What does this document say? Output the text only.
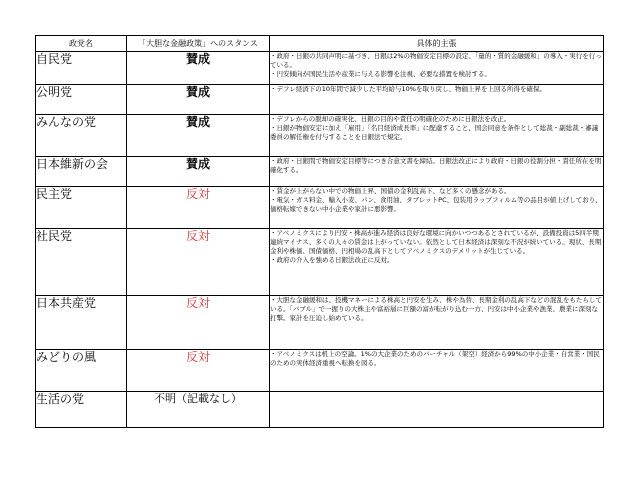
政党名	「大胆な金融政策」へのスタンス	具体的主張
自民党	賛成	・政府・日銀の共同声明に基づき、日銀は2%の物価安定目標の設定、「量的・質的金融緩和」の導入・実行を行っている。

・円安傾向が国民生活や産業に与える影響を注視、必要な措置を検討する。

公明党	賛成	・デフレ経済下の10年間で減少した平均給与10%を取り戻し、物価上昇を上回る所得を確保。

みんなの党	賛成	・デフレからの脱却の確実化、日銀の目的や責任の明確化のために日銀法を改正。

・日銀が物価安定に加え「雇用」「名目経済成長率」に配慮すること、国会同意を条件として総裁・副総裁・審議委員の解任権を付与することを日銀法で規定。

日本維新の会	賛成	・政府・日銀間で物価安定目標等につき合意文書を締結。日銀法改正により政府・日銀の役割分担・責任所在を明確化する。

民主党	反対	・賃金が上がらない中での物価上昇、国債の金利乱高下、など多くの懸念がある。

・電気・ガス料金、輸入小麦、パン、食用油、タブレットPC、包装用ラップフィルム等の品目が値上げしており、価格転嫁できない中小企業や家計に悪影響。

社民党	反対	・アベノミクスにより円安・株高が進み経済は良好な環境に向かいつつあるとされているが、設備投資は5四半期連続マイナス、多くの人々の賃金は上がっていない。依然として日本経済は深刻な不況が続いている。現状、長期金利や株価、国債価格、円相場の乱高下としてアベノミクスのデメリットが生じている。

・政府の介入を強める日銀法改正に反対。

日本共産党	反対	・大胆な金融緩和は、投機マネーによる株高と円安を生み、株や為替、長期金利の乱高下などの混乱をもたらしている。「バブル」で一握りの大株主や富裕層に巨額の富が転がり込む一方、円安は中小企業や漁業、農業に深刻な打撃。家計を圧迫し始めている。

みどりの風	反対	・アベノミクスは机上の空論。1%の大企業のためのバーチャル（架空）経済から99%の中小企業・自営業・国民のための実体経済重視へ転換を図る。

生活の党	不明（記載なし）	
